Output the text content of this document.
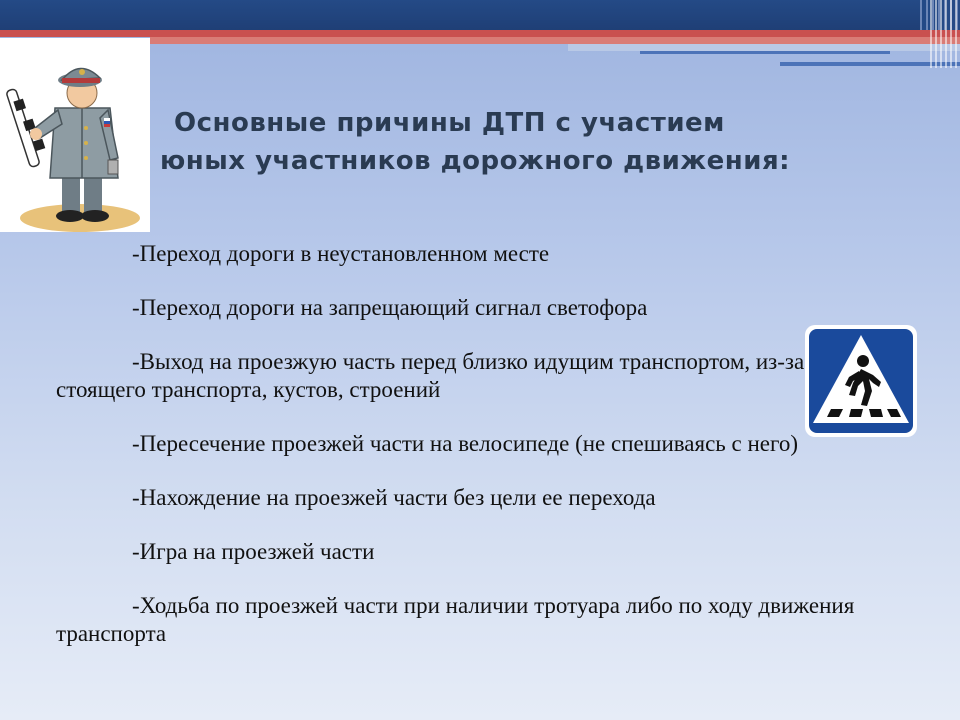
Основные причины ДТП с участием
юных участников дорожного движения:
-Переход дороги в неустановленном месте
-Переход дороги на запрещающий сигнал светофора
-Выход на проезжую часть перед близко идущим транспортом, из-за стоящего транспорта, кустов, строений
-Пересечение проезжей части на велосипеде (не спешиваясь с него)
-Нахождение на проезжей части без цели ее перехода
-Игра на проезжей части
-Ходьба по проезжей части при наличии тротуара либо по ходу движения транспорта
